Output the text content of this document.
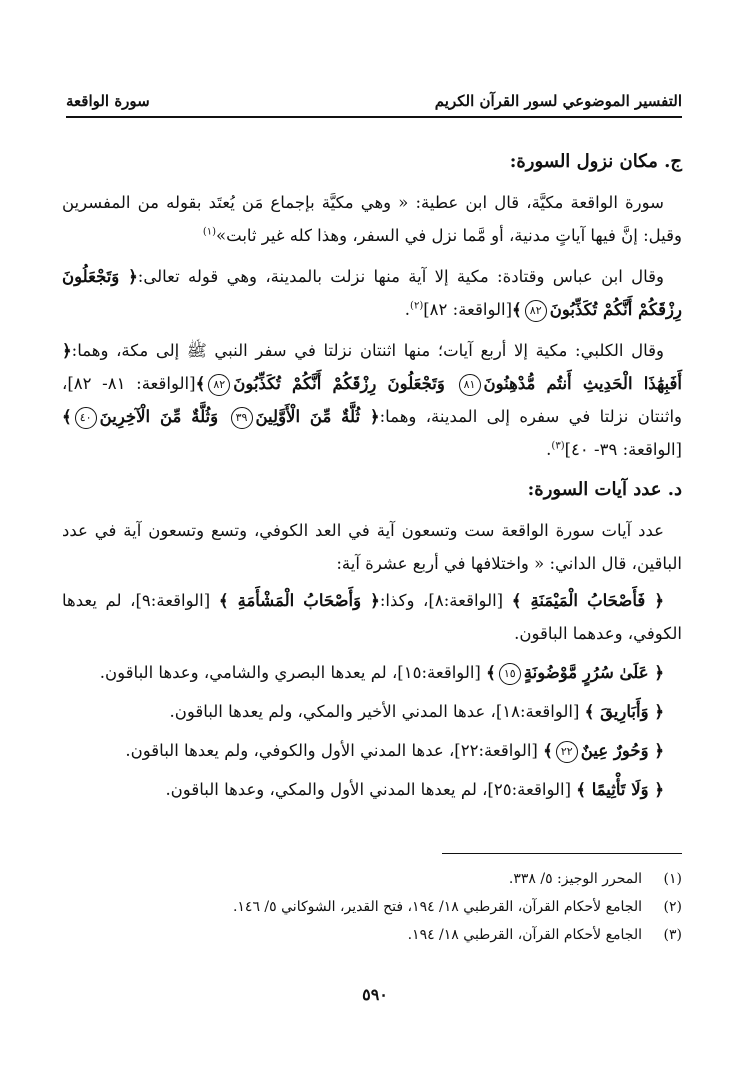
التفسير الموضوعي لسور القرآن الكريم
سورة الواقعة
ج. مكان نزول السورة:

سورة الواقعة مكيَّة، قال ابن عطية: « وهي مكيَّة بإجماع مَن يُعتَد بقوله من المفسرين وقيل: إنَّ فيها آياتٍ مدنية، أو مَّما نزل في السفر، وهذا كله غير ثابت»$^{(١)}$

وقال ابن عباس وقتادة: مكية إلا آية منها نزلت بالمدينة، وهي قوله تعالى:﴿ وَتَجْعَلُونَ رِزْقَكُمْ أَنَّكُمْ تُكَذِّبُونَ٨٢﴾[الواقعة: ٨٢]$^{(٢)}$.

وقال الكلبي: مكية إلا أربع آيات؛ منها اثنتان نزلتا في سفر النبي ﷺ إلى مكة، وهما:﴿ أَفَبِهَٰذَا الْحَدِيثِ أَنتُم مُّدْهِنُونَ٨١ وَتَجْعَلُونَ رِزْقَكُمْ أَنَّكُمْ تُكَذِّبُونَ٨٢﴾[الواقعة: ٨١- ٨٢]، واثنتان نزلتا في سفره إلى المدينة، وهما:﴿ ثُلَّةٌ مِّنَ الْأَوَّلِينَ٣٩ وَثُلَّةٌ مِّنَ الْآخِرِينَ٤٠﴾[الواقعة: ٣٩- ٤٠]$^{(٣)}$.

د. عدد آيات السورة:

عدد آيات سورة الواقعة ست وتسعون آية في العد الكوفي، وتسع وتسعون آية في عدد الباقين، قال الداني: « واختلافها في أربع عشرة آية:

﴿ فَأَصْحَابُ الْمَيْمَنَةِ ﴾ [الواقعة:٨]، وكذا:﴿ وَأَصْحَابُ الْمَشْأَمَةِ ﴾ [الواقعة:٩]، لم يعدها الكوفي، وعدهما الباقون.

﴿ عَلَىٰ سُرُرٍ مَّوْضُونَةٍ١٥﴾ [الواقعة:١٥]، لم يعدها البصري والشامي، وعدها الباقون.

﴿ وَأَبَارِيقَ ﴾ [الواقعة:١٨]، عدها المدني الأخير والمكي، ولم يعدها الباقون.

﴿ وَحُورٌ عِينٌ٢٢﴾ [الواقعة:٢٢]، عدها المدني الأول والكوفي، ولم يعدها الباقون.

﴿ وَلَا تَأْثِيمًا ﴾ [الواقعة:٢٥]، لم يعدها المدني الأول والمكي، وعدها الباقون.

(١)
المحرر الوجيز: ٥/ ٣٣٨.
(٢)
الجامع لأحكام القرآن، القرطبي ١٨/ ١٩٤، فتح القدير، الشوكاني ٥/ ١٤٦.
(٣)
الجامع لأحكام القرآن، القرطبي ١٨/ ١٩٤.
٥٩٠
